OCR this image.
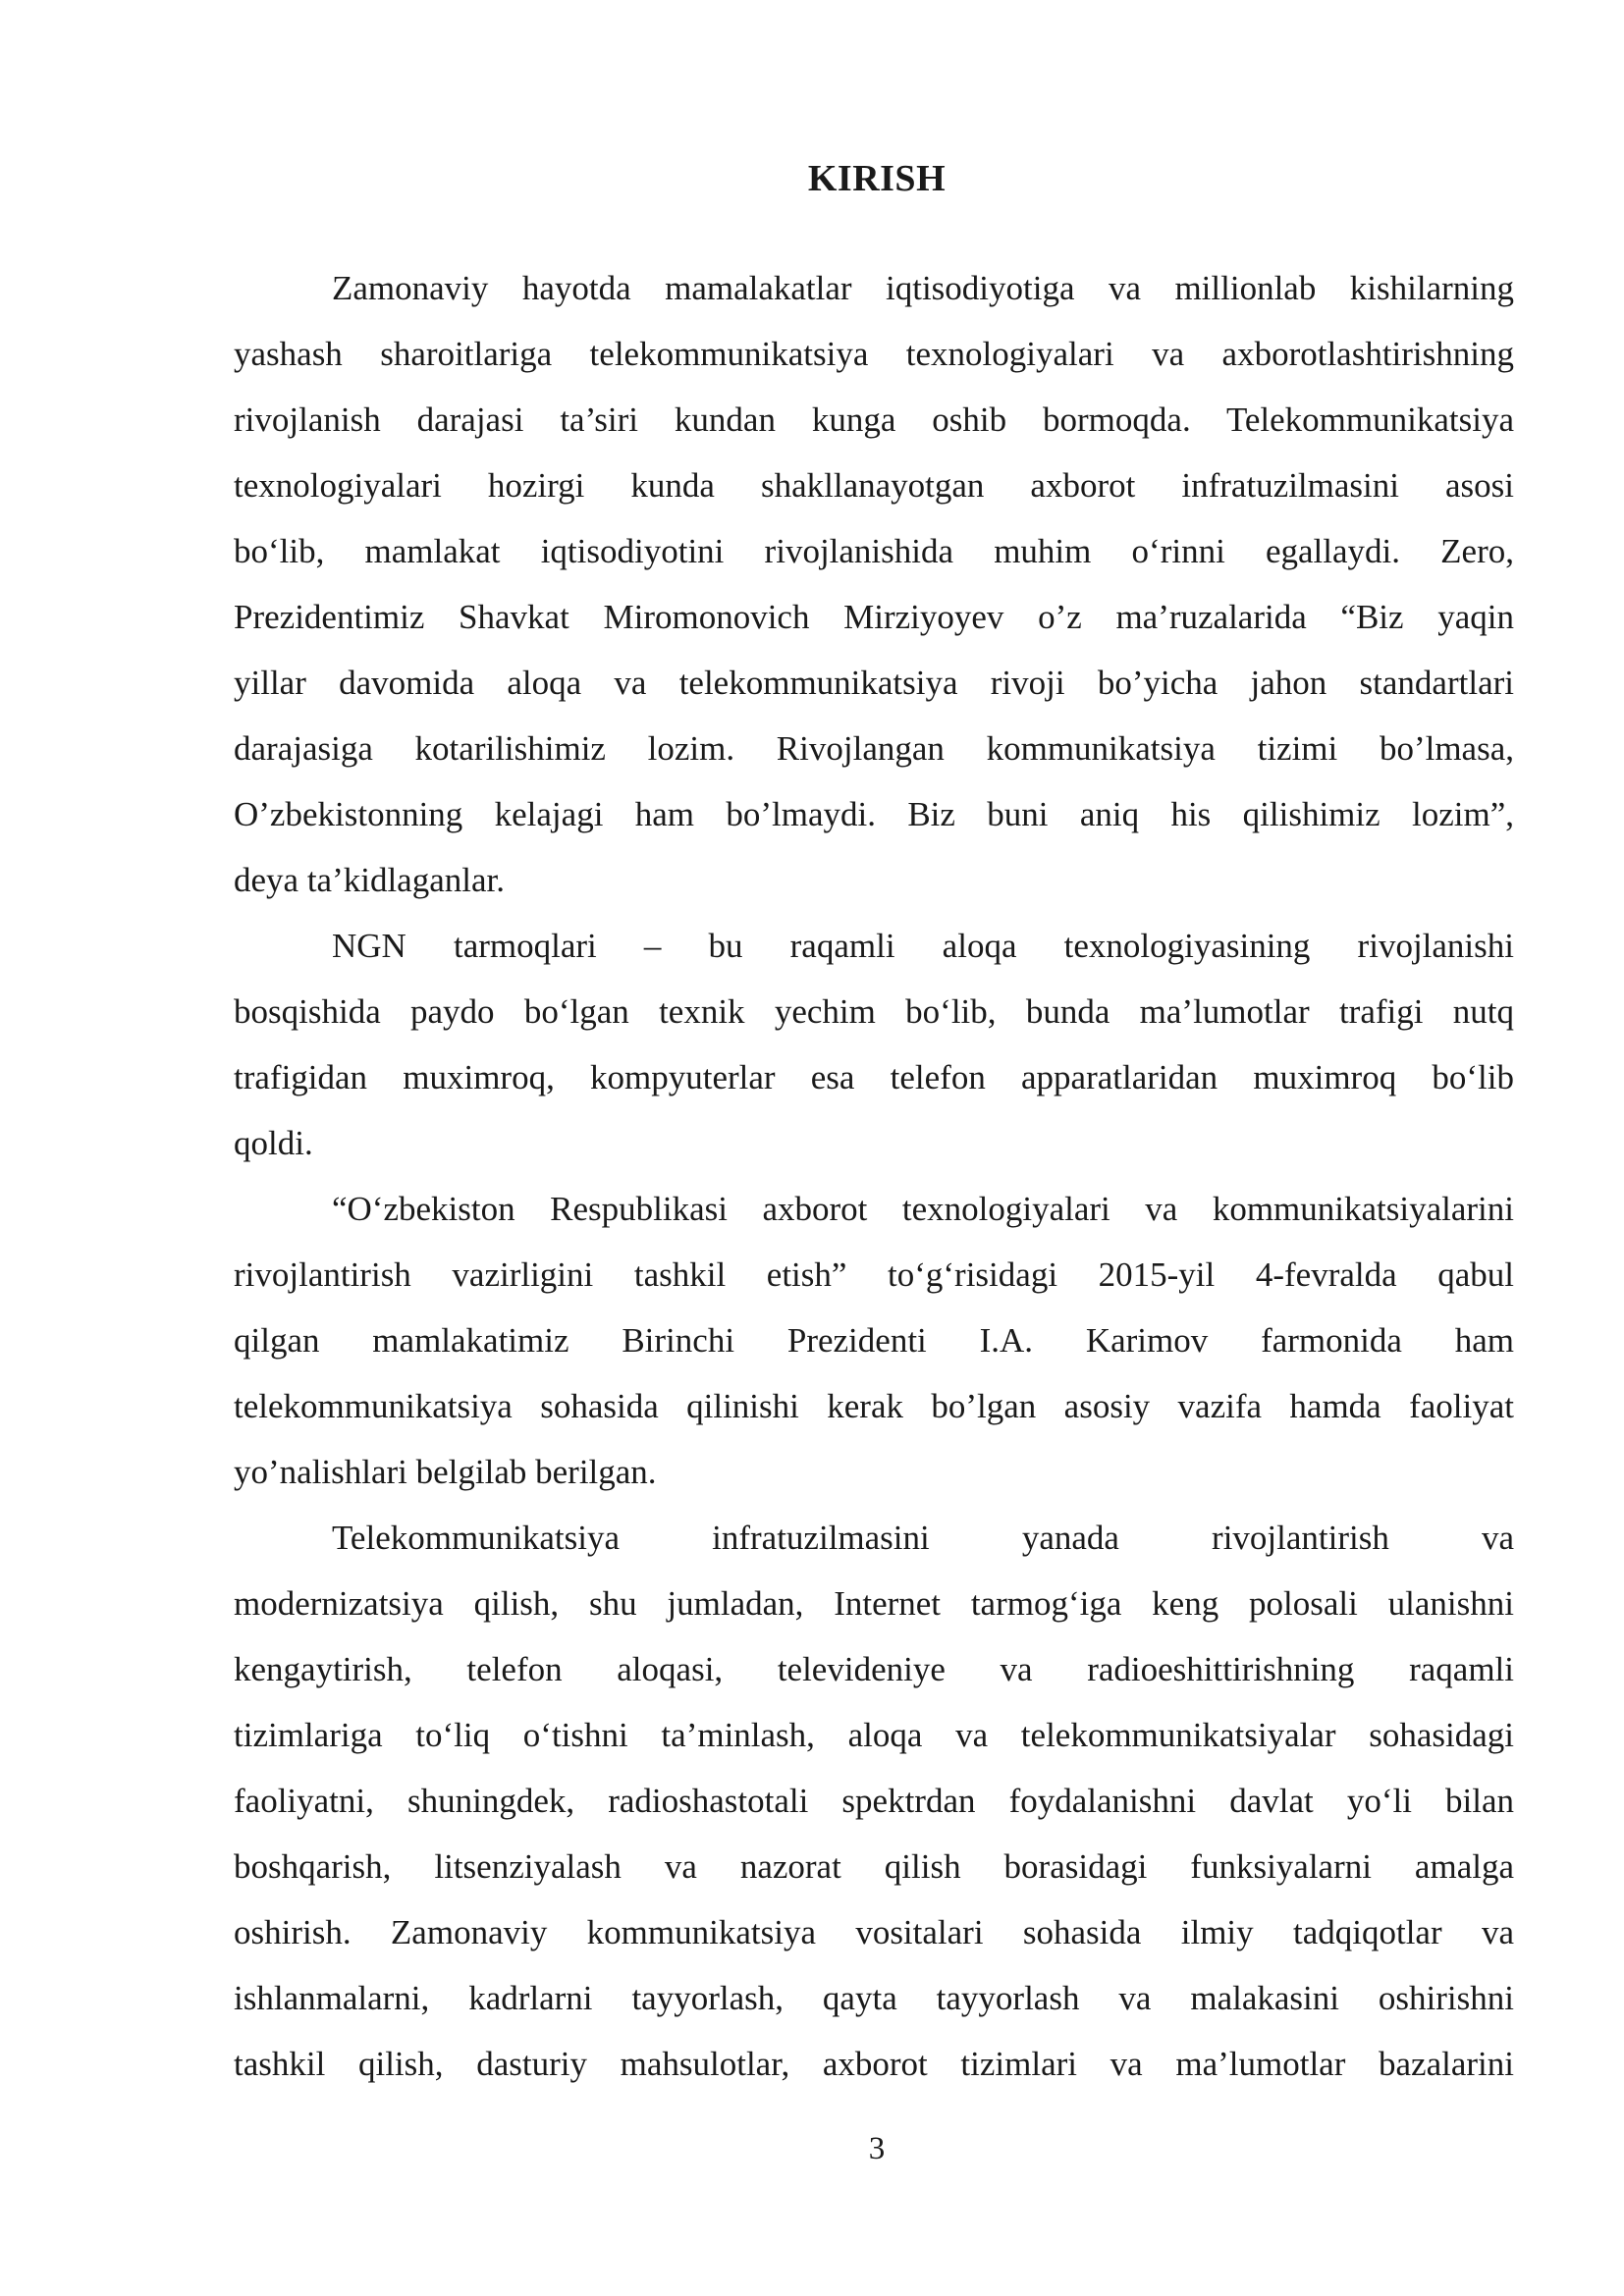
KIRISH
Zamonaviy hayotda mamalakatlar iqtisodiyotiga va millionlab kishilarning
yashash sharoitlariga telekommunikatsiya texnologiyalari va axborotlashtirishning
rivojlanish darajasi ta’siri kundan kunga oshib bormoqda. Telekommunikatsiya
texnologiyalari hozirgi kunda shakllanayotgan axborot infratuzilmasini asosi
bo‘lib, mamlakat iqtisodiyotini rivojlanishida muhim o‘rinni egallaydi. Zero,
Prezidentimiz Shavkat Miromonovich Mirziyoyev o’z ma’ruzalarida “Biz yaqin
yillar davomida aloqa va telekommunikatsiya rivoji bo’yicha jahon standartlari
darajasiga kotarilishimiz lozim. Rivojlangan kommunikatsiya tizimi bo’lmasa,
O’zbekistonning kelajagi ham bo’lmaydi. Biz buni aniq his qilishimiz lozim”,
deya ta’kidlaganlar.
NGN tarmoqlari – bu raqamli aloqa texnologiyasining rivojlanishi
bosqishida paydo bo‘lgan texnik yechim bo‘lib, bunda ma’lumotlar trafigi nutq
trafigidan muximroq, kompyuterlar esa telefon apparatlaridan muximroq bo‘lib
qoldi.
“O‘zbekiston Respublikasi axborot texnologiyalari va kommunikatsiyalarini
rivojlantirish vazirligini tashkil etish” to‘g‘risidagi 2015-yil 4-fevralda qabul
qilgan mamlakatimiz Birinchi Prezidenti I.A. Karimov farmonida ham
telekommunikatsiya sohasida qilinishi kerak bo’lgan asosiy vazifa hamda faoliyat
yo’nalishlari belgilab berilgan.
Telekommunikatsiya infratuzilmasini yanada rivojlantirish va
modernizatsiya qilish, shu jumladan, Internet tarmog‘iga keng polosali ulanishni
kengaytirish, telefon aloqasi, televideniye va radioeshittirishning raqamli
tizimlariga to‘liq o‘tishni ta’minlash, aloqa va telekommunikatsiyalar sohasidagi
faoliyatni, shuningdek, radioshastotali spektrdan foydalanishni davlat yo‘li bilan
boshqarish, litsenziyalash va nazorat qilish borasidagi funksiyalarni amalga
oshirish. Zamonaviy kommunikatsiya vositalari sohasida ilmiy tadqiqotlar va
ishlanmalarni, kadrlarni tayyorlash, qayta tayyorlash va malakasini oshirishni
tashkil qilish, dasturiy mahsulotlar, axborot tizimlari va ma’lumotlar bazalarini
3
